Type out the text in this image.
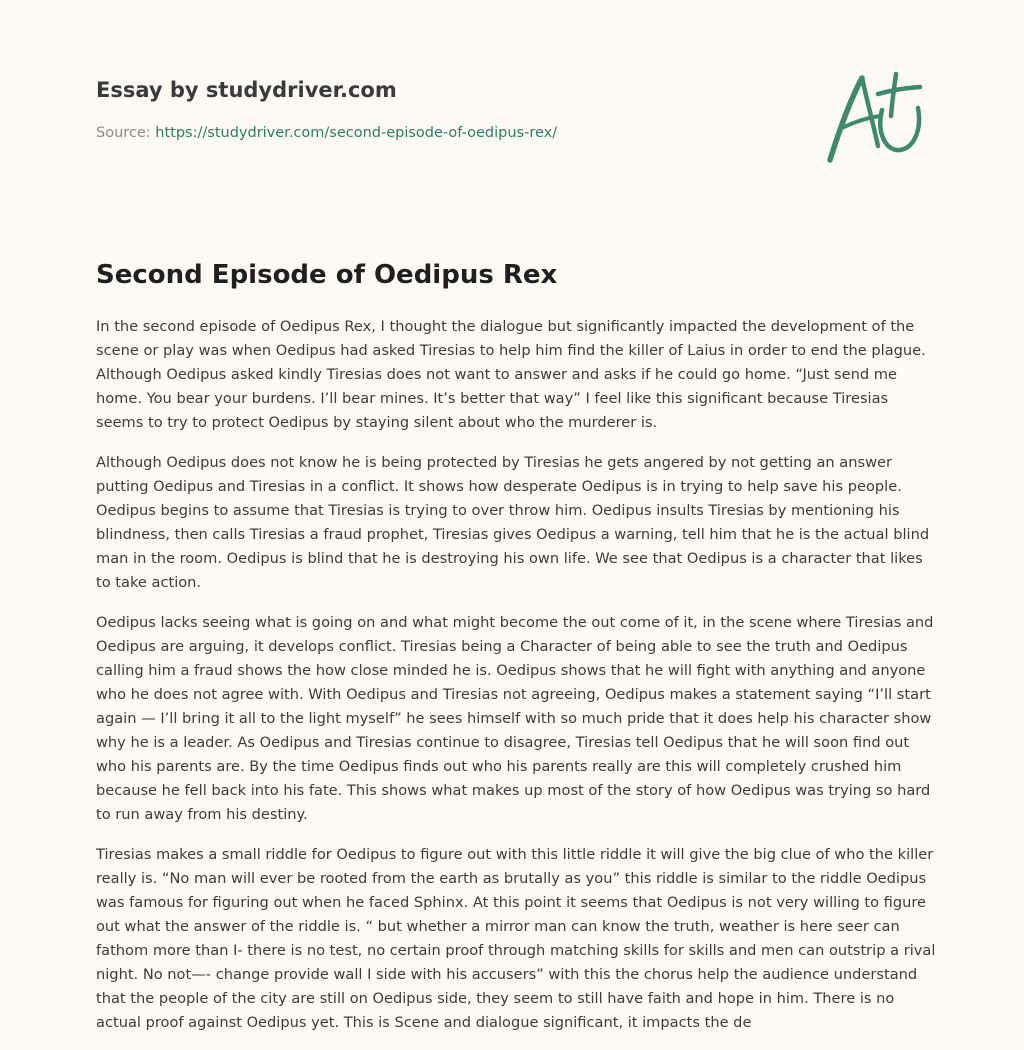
Essay by studydriver.com
Source: https://studydriver.com/second-episode-of-oedipus-rex/
Second Episode of Oedipus Rex

In the second episode of Oedipus Rex, I thought the dialogue but significantly impacted the development of the scene or play was when Oedipus had asked Tiresias to help him find the killer of Laius in order to end the plague. Although Oedipus asked kindly Tiresias does not want to answer and asks if he could go home. “Just send me home. You bear your burdens. I’ll bear mines. It’s better that way” I feel like this significant because Tiresias seems to try to protect Oedipus by staying silent about who the murderer is.

Although Oedipus does not know he is being protected by Tiresias he gets angered by not getting an answer putting Oedipus and Tiresias in a conflict. It shows how desperate Oedipus is in trying to help save his people. Oedipus begins to assume that Tiresias is trying to over throw him. Oedipus insults Tiresias by mentioning his blindness, then calls Tiresias a fraud prophet, Tiresias gives Oedipus a warning, tell him that he is the actual blind man in the room. Oedipus is blind that he is destroying his own life. We see that Oedipus is a character that likes to take action.

Oedipus lacks seeing what is going on and what might become the out come of it, in the scene where Tiresias and Oedipus are arguing, it develops conflict. Tiresias being a Character of being able to see the truth and Oedipus calling him a fraud shows the how close minded he is. Oedipus shows that he will fight with anything and anyone who he does not agree with. With Oedipus and Tiresias not agreeing, Oedipus makes a statement saying “I’ll start again — I’ll bring it all to the light myself” he sees himself with so much pride that it does help his character show why he is a leader. As Oedipus and Tiresias continue to disagree, Tiresias tell Oedipus that he will soon find out who his parents are. By the time Oedipus finds out who his parents really are this will completely crushed him because he fell back into his fate. This shows what makes up most of the story of how Oedipus was trying so hard to run away from his destiny.

Tiresias makes a small riddle for Oedipus to figure out with this little riddle it will give the big clue of who the killer really is. “No man will ever be rooted from the earth as brutally as you” this riddle is similar to the riddle Oedipus was famous for figuring out when he faced Sphinx. At this point it seems that Oedipus is not very willing to figure out what the answer of the riddle is. “ but whether a mirror man can know the truth, weather is here seer can fathom more than I- there is no test, no certain proof through matching skills for skills and men can outstrip a rival night. No not—- change provide wall I side with his accusers” with this the chorus help the audience understand that the people of the city are still on Oedipus side, they seem to still have faith and hope in him. There is no actual proof against Oedipus yet. This is Scene and dialogue significant, it impacts the de
